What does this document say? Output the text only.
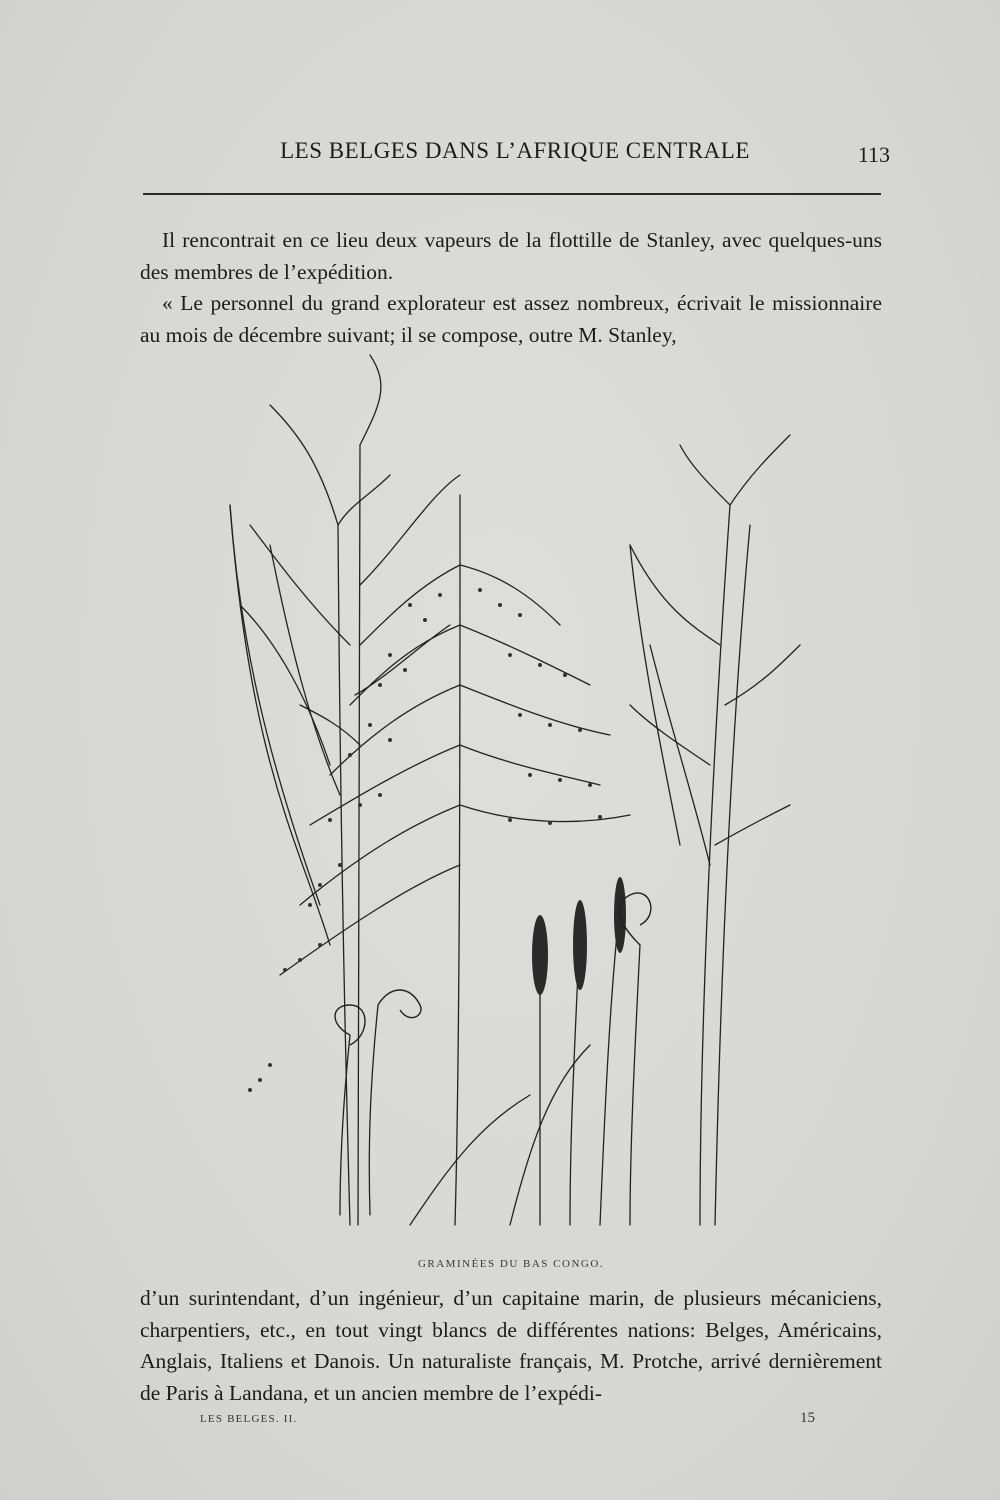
LES BELGES DANS L’AFRIQUE CENTRALE	113

Il rencontrait en ce lieu deux vapeurs de la flottille de Stanley, avec quelques-uns des membres de l’expédition.

« Le personnel du grand explorateur est assez nombreux, écrivait le missionnaire au mois de décembre suivant; il se compose, outre M. Stanley,

GRAMINÉES DU BAS CONGO.

d’un surintendant, d’un ingénieur, d’un capitaine marin, de plusieurs mécaniciens, charpentiers, etc., en tout vingt blancs de différentes nations: Belges, Américains, Anglais, Italiens et Danois. Un naturaliste français, M. Protche, arrivé dernièrement de Paris à Landana, et un ancien membre de l’expédi-

LES BELGES. II.	15
